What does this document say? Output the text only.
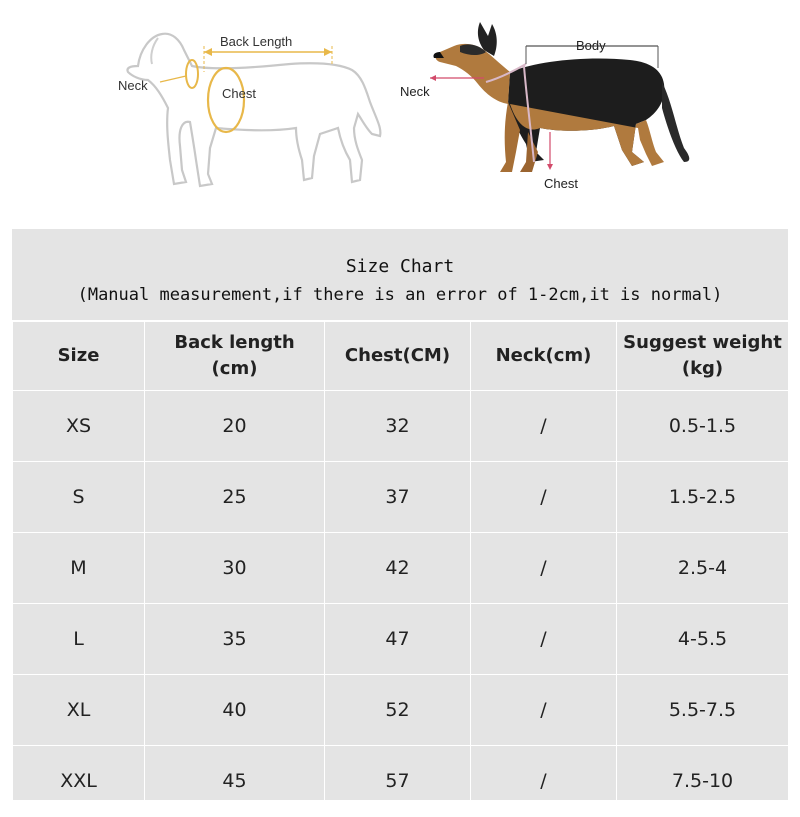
Back Length
Neck
Chest
Body
Neck
Chest
Size Chart
(Manual measurement,if there is an error of 1-2cm,it is normal)
Size	Back length (cm)	Chest(CM)	Neck(cm)	Suggest weight (kg)
XS	20	32	/	0.5-1.5
S	25	37	/	1.5-2.5
M	30	42	/	2.5-4
L	35	47	/	4-5.5
XL	40	52	/	5.5-7.5
XXL	45	57	/	7.5-10
